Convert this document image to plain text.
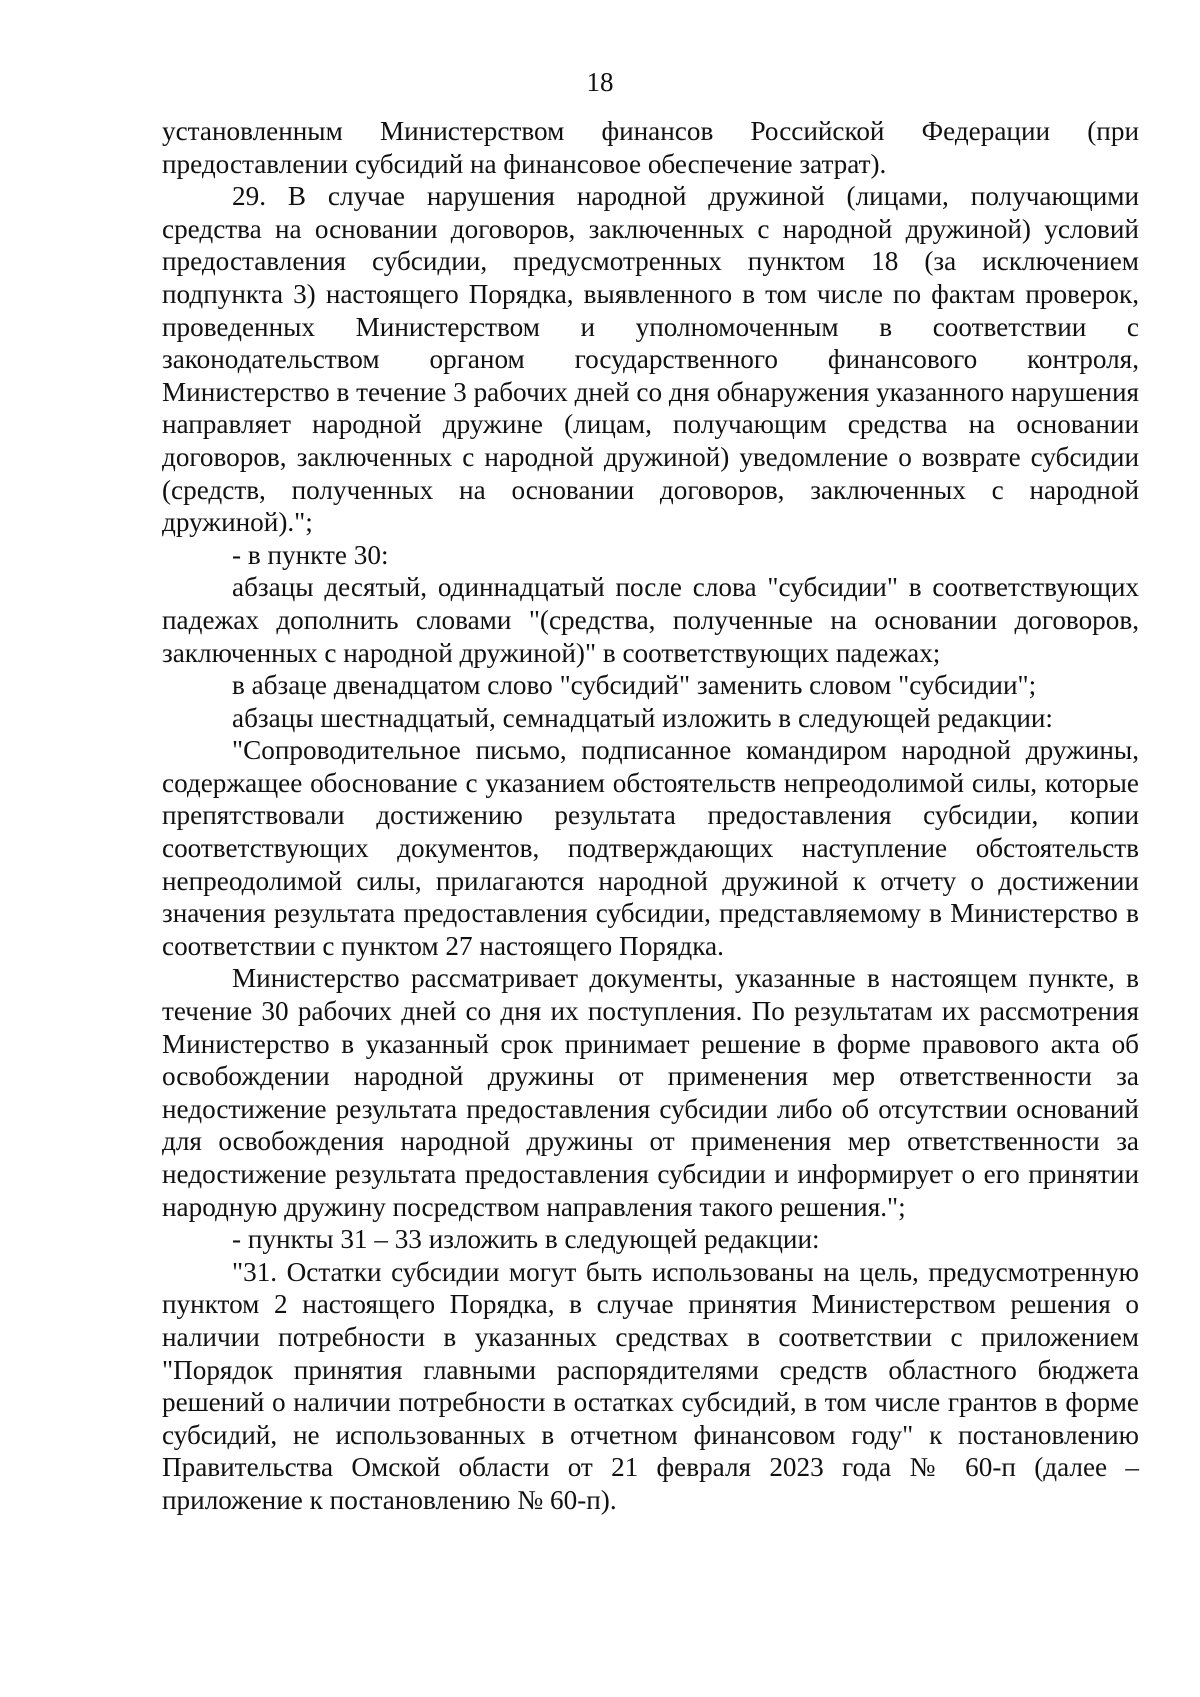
18

установленным Министерством финансов Российской Федерации (при предоставлении субсидий на финансовое обеспечение затрат).

29. В случае нарушения народной дружиной (лицами, получающими средства на основании договоров, заключенных с народной дружиной) условий предоставления субсидии, предусмотренных пунктом 18 (за исключением подпункта 3) настоящего Порядка, выявленного в том числе по фактам проверок, проведенных Министерством и уполномоченным в соответствии с законодательством органом государственного финансового контроля, Министерство в течение 3 рабочих дней со дня обнаружения указанного нарушения направляет народной дружине (лицам, получающим средства на основании договоров, заключенных с народной дружиной) уведомление о возврате субсидии (средств, полученных на основании договоров, заключенных с народной дружиной).";

- в пункте 30:

абзацы десятый, одиннадцатый после слова "субсидии" в соответствующих падежах дополнить словами "(средства, полученные на основании договоров, заключенных с народной дружиной)" в соответствующих падежах;

в абзаце двенадцатом слово "субсидий" заменить словом "субсидии";

абзацы шестнадцатый, семнадцатый изложить в следующей редакции:

"Сопроводительное письмо, подписанное командиром народной дружины, содержащее обоснование с указанием обстоятельств непреодолимой силы, которые препятствовали достижению результата предоставления субсидии, копии соответствующих документов, подтверждающих наступление обстоятельств непреодолимой силы, прилагаются народной дружиной к отчету о достижении значения результата предоставления субсидии, представляемому в Министерство в соответствии с пунктом 27 настоящего Порядка.

Министерство рассматривает документы, указанные в настоящем пункте, в течение 30 рабочих дней со дня их поступления. По результатам их рассмотрения Министерство в указанный срок принимает решение в форме правового акта об освобождении народной дружины от применения мер ответственности за недостижение результата предоставления субсидии либо об отсутствии оснований для освобождения народной дружины от применения мер ответственности за недостижение результата предоставления субсидии и информирует о его принятии народную дружину посредством направления такого решения.";

- пункты 31 – 33 изложить в следующей редакции:

"31. Остатки субсидии могут быть использованы на цель, предусмотренную пунктом 2 настоящего Порядка, в случае принятия Министерством решения о наличии потребности в указанных средствах в соответствии с приложением "Порядок принятия главными распорядителями средств областного бюджета решений о наличии потребности в остатках субсидий, в том числе грантов в форме субсидий, не использованных в отчетном финансовом году" к постановлению Правительства Омской области от 21 февраля 2023 года № 60-п (далее – приложение к постановлению № 60-п).
